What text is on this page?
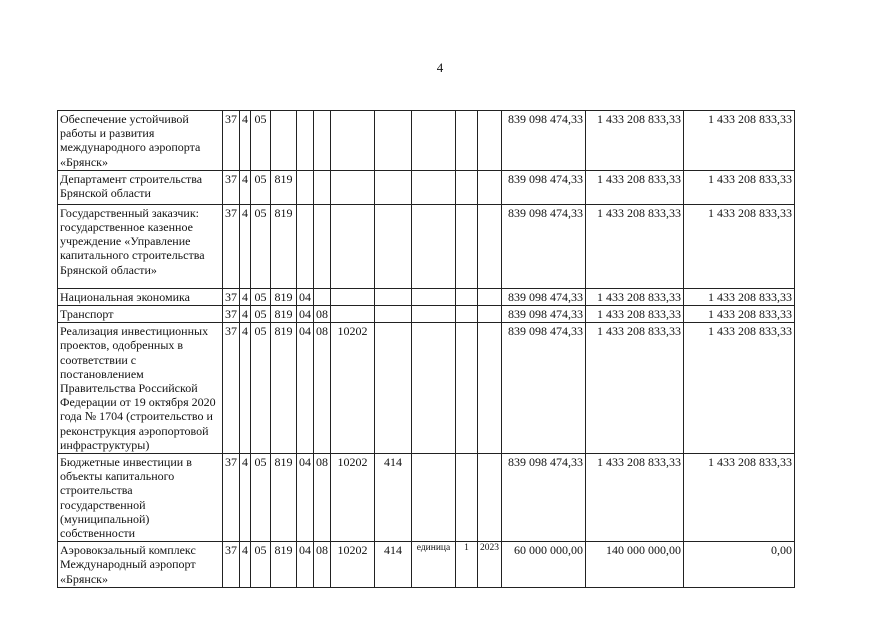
4
Обеспечение устойчивой работы и развития международного аэропорта «Брянск»	37	4	05									839 098 474,33	1 433 208 833,33	1 433 208 833,33
Департамент строительства Брянской области	37	4	05	819								839 098 474,33	1 433 208 833,33	1 433 208 833,33
Государственный заказчик: государственное казенное учреждение «Управление капитального строительства Брянской области»	37	4	05	819								839 098 474,33	1 433 208 833,33	1 433 208 833,33
Национальная экономика	37	4	05	819	04							839 098 474,33	1 433 208 833,33	1 433 208 833,33
Транспорт	37	4	05	819	04	08						839 098 474,33	1 433 208 833,33	1 433 208 833,33
Реализация инвестиционных проектов, одобренных в соответствии с постановлением Правительства Российской Федерации от 19 октября 2020 года № 1704 (строительство и реконструкция аэропортовой инфраструктуры)	37	4	05	819	04	08	10202					839 098 474,33	1 433 208 833,33	1 433 208 833,33
Бюджетные инвестиции в объекты капитального строительства государственной (муниципальной) собственности	37	4	05	819	04	08	10202	414				839 098 474,33	1 433 208 833,33	1 433 208 833,33
Аэровокзальный комплекс Международный аэропорт «Брянск»	37	4	05	819	04	08	10202	414	единица	1	2023	60 000 000,00	140 000 000,00	0,00
